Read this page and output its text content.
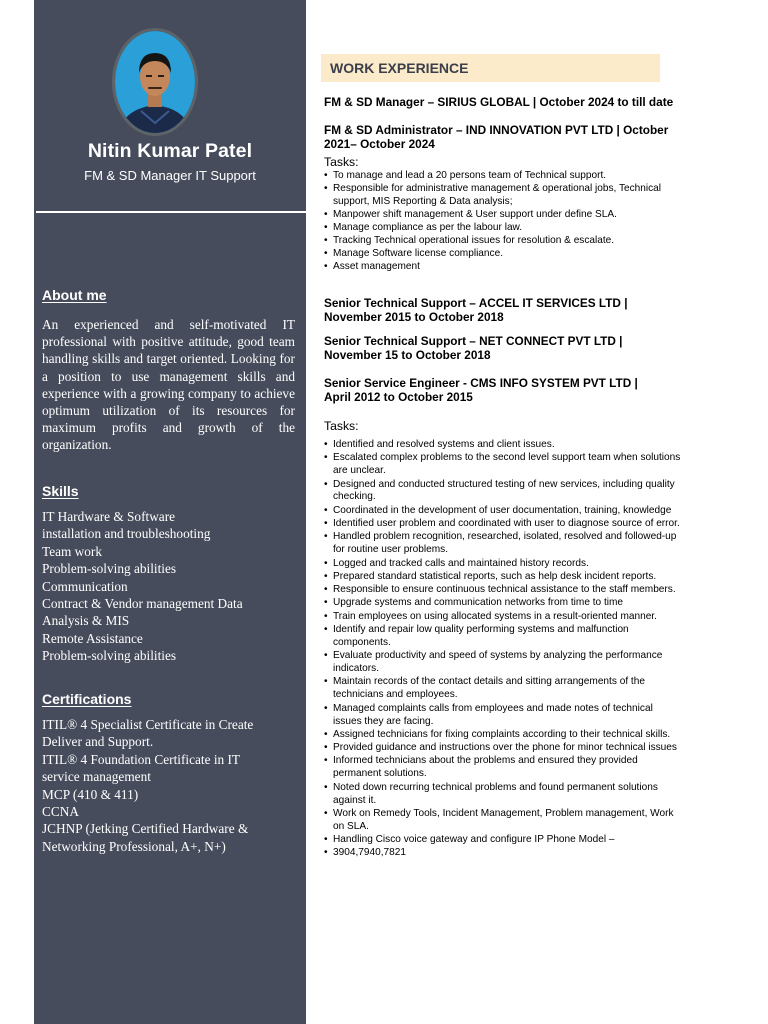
Nitin Kumar Patel
FM & SD Manager IT Support
About me

An experienced and self-motivated IT professional with positive attitude, good team handling skills and target oriented. Looking for a position to use management skills and experience with a growing company to achieve optimum utilization of its resources for maximum profits and growth of the organization.

Skills
IT Hardware & Software
installation and troubleshooting
Team work
Problem-solving abilities
Communication
Contract & Vendor management Data
Analysis & MIS
Remote Assistance
Problem-solving abilities
Certifications
ITIL® 4 Specialist Certificate in Create
Deliver and Support.
ITIL® 4 Foundation Certificate in IT
service management
MCP (410 & 411)
CCNA
JCHNP (Jetking Certified Hardware &
Networking Professional, A+, N+)
WORK EXPERIENCE
FM & SD Manager – SIRIUS GLOBAL | October 2024 to till date
FM & SD Administrator – IND INNOVATION PVT LTD | October 2021– October 2024
Tasks:
• To manage and lead a 20 persons team of Technical support.
• Responsible for administrative management & operational jobs, Technical support, MIS Reporting & Data analysis;
• Manpower shift management & User support under define SLA.
• Manage compliance as per the labour law.
• Tracking Technical operational issues for resolution & escalate.
• Manage Software license compliance.
• Asset management
Senior Technical Support – ACCEL IT SERVICES LTD | November 2015 to October 2018
Senior Technical Support – NET CONNECT PVT LTD | November 15 to October 2018
Senior Service Engineer - CMS INFO SYSTEM PVT LTD | April 2012 to October 2015
Tasks:
• Identified and resolved systems and client issues.
• Escalated complex problems to the second level support team when solutions are unclear.
• Designed and conducted structured testing of new services, including quality checking.
• Coordinated in the development of user documentation, training, knowledge
• Identified user problem and coordinated with user to diagnose source of error.
• Handled problem recognition, researched, isolated, resolved and followed-up for routine user problems.
• Logged and tracked calls and maintained history records.
• Prepared standard statistical reports, such as help desk incident reports.
• Responsible to ensure continuous technical assistance to the staff members.
• Upgrade systems and communication networks from time to time
• Train employees on using allocated systems in a result-oriented manner.
• Identify and repair low quality performing systems and malfunction components.
• Evaluate productivity and speed of systems by analyzing the performance indicators.
• Maintain records of the contact details and sitting arrangements of the technicians and employees.
• Managed complaints calls from employees and made notes of technical issues they are facing.
• Assigned technicians for fixing complaints according to their technical skills.
• Provided guidance and instructions over the phone for minor technical issues
• Informed technicians about the problems and ensured they provided permanent solutions.
• Noted down recurring technical problems and found permanent solutions against it.
• Work on Remedy Tools, Incident Management, Problem management, Work on SLA.
• Handling Cisco voice gateway and configure IP Phone Model –
• 3904,7940,7821
